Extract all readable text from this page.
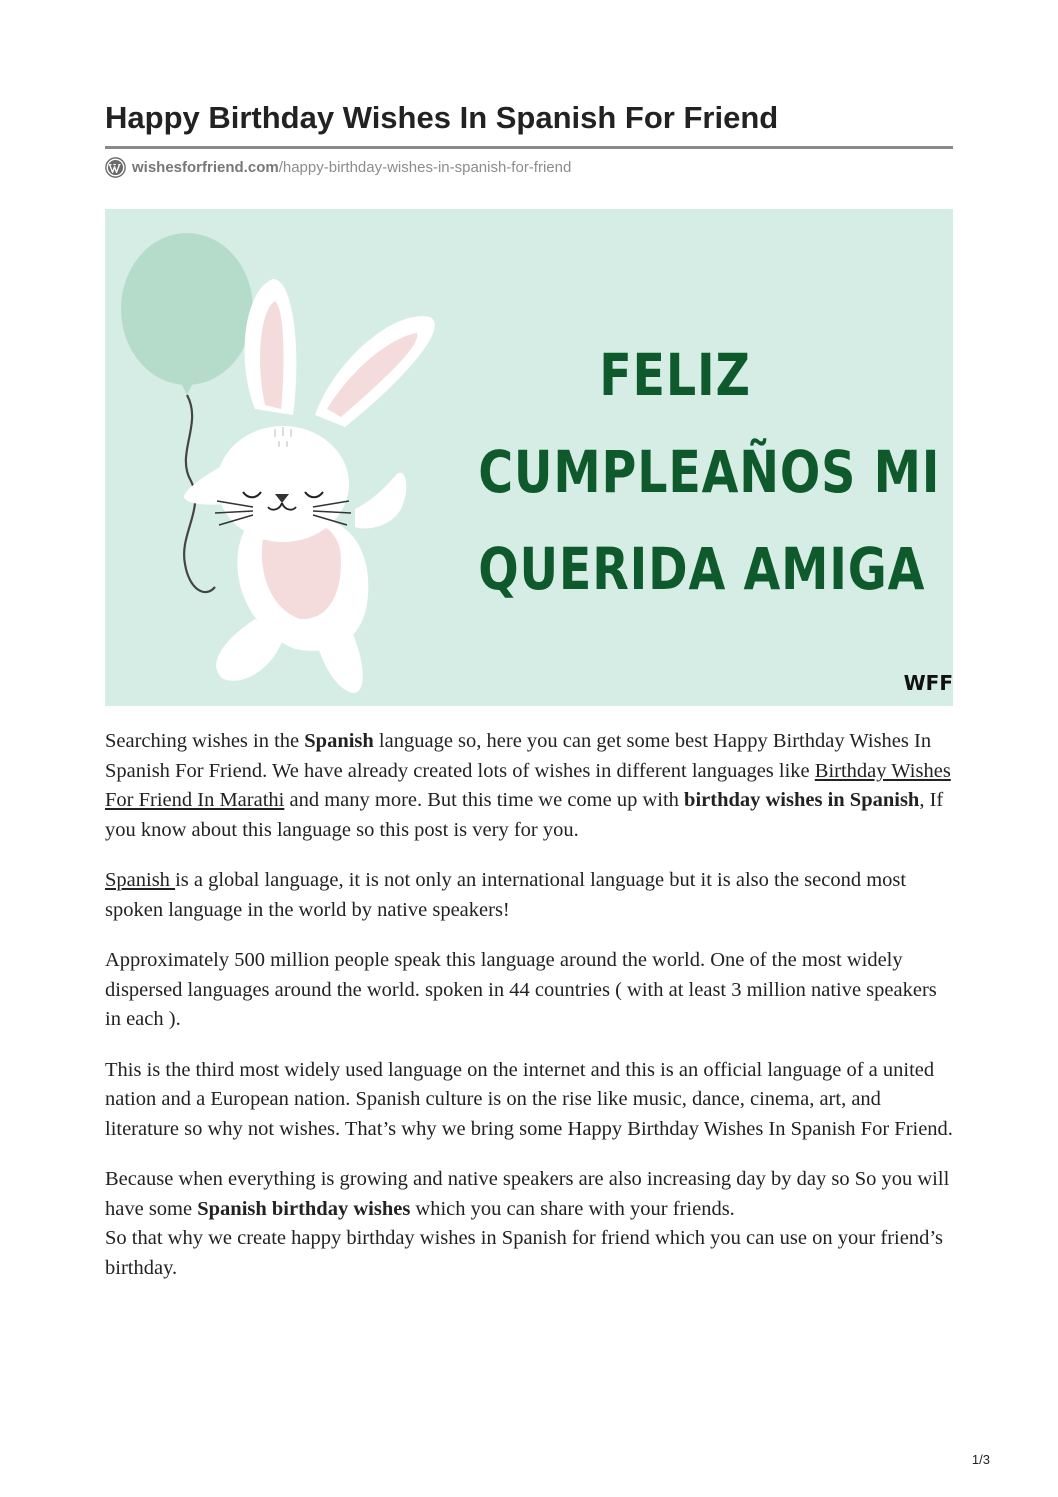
Happy Birthday Wishes In Spanish For Friend
wishesforfriend.com /happy-birthday-wishes-in-spanish-for-friend
FELIZ
CUMPLEAÑOS MI
QUERIDA AMIGA
WFF

Searching wishes in the Spanish language so, here you can get some best Happy Birthday Wishes In Spanish For Friend. We have already created lots of wishes in different languages like Birthday Wishes For Friend In Marathi and many more. But this time we come up with birthday wishes in Spanish, If you know about this language so this post is very for you.

Spanish is a global language, it is not only an international language but it is also the second most spoken language in the world by native speakers!

Approximately 500 million people speak this language around the world. One of the most widely dispersed languages around the world. spoken in 44 countries ( with at least 3 million native speakers in each ).

This is the third most widely used language on the internet and this is an official language of a united nation and a European nation. Spanish culture is on the rise like music, dance, cinema, art, and literature so why not wishes. That’s why we bring some Happy Birthday Wishes In Spanish For Friend.

Because when everything is growing and native speakers are also increasing day by day so So you will have some Spanish birthday wishes which you can share with your friends.

So that why we create happy birthday wishes in Spanish for friend which you can use on your friend’s birthday.

1/3
